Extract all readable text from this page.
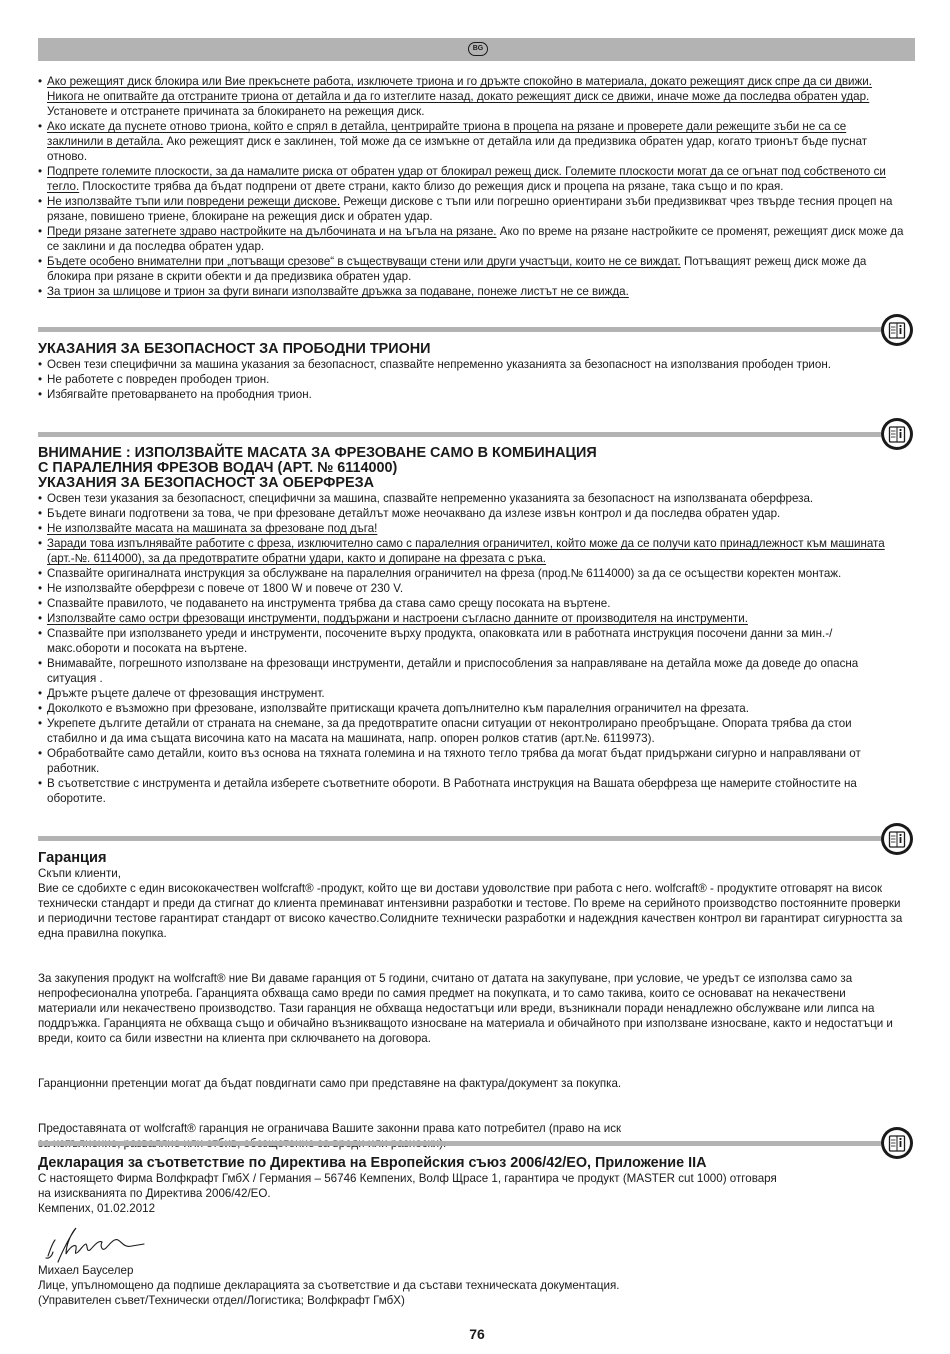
BG
• Ако режещият диск блокира или Вие прекъснете работа, изключете триона и го дръжте спокойно в материала, докато режещият диск спре да си движи. Никога не опитвайте да отстраните триона от детайла и да го изтеглите назад, докато режещият диск се движи, иначе може да последва обратен удар. Установете и отстранете причината за блокирането на режещия диск.
• Ако искате да пуснете отново триона, който е спрял в детайла, центрирайте триона в процепа на рязане и проверете дали режещите зъби не са се заклинили в детайла. Ако режещият диск е заклинен, той може да се измъкне от детайла или да предизвика обратен удар, когато трионът бъде пуснат отново.
• Подпрете големите плоскости, за да намалите риска от обратен удар от блокирал режещ диск. Големите плоскости могат да се огънат под собственото си тегло. Плоскостите трябва да бъдат подпрени от двете страни, както близо до режещия диск и процепа на рязане, така също и по края.
• Не използвайте тъпи или повредени режещи дискове. Режещи дискове с тъпи или погрешно ориентирани зъби предизвикват чрез твърде тесния процеп на рязане, повишено триене, блокиране на режещия диск и обратен удар.
• Преди рязане затегнете здраво настройките на дълбочината и на ъгъла на рязане. Ако по време на рязане настройките се променят, режещият диск може да се заклини и да последва обратен удар.
• Бъдете особено внимателни при „потъващи срезове“ в съществуващи стени или други участъци, които не се виждат. Потъващият режещ диск може да блокира при рязане в скрити обекти и да предизвика обратен удар.
• За трион за шлицове и трион за фуги винаги използвайте дръжка за подаване, понеже листът не се вижда.
УКАЗАНИЯ ЗА БЕЗОПАСНОСТ ЗА ПРОБОДНИ ТРИОНИ
• Освен тези специфични за машина указания за безопасност, спазвайте непременно указанията за безопасност на използвания прободен трион.
• Не работете с повреден прободен трион.
• Избягвайте претоварването на прободния трион.
ВНИМАНИЕ : ИЗПОЛЗВАЙТЕ МАСАТА ЗА ФРЕЗОВАНЕ САМО В КОМБИНАЦИЯ
С ПАРАЛЕЛНИЯ ФРЕЗОВ ВОДАЧ (АРТ. № 6114000)
УКАЗАНИЯ ЗА БЕЗОПАСНОСТ ЗА ОБЕРФРЕЗА
• Освен тези указания за безопасност, специфични за машина, спазвайте непременно указанията за безопасност на използваната оберфреза.
• Бъдете винаги подготвени за това, че при фрезоване детайлът може неочаквано да излезе извън контрол и да последва обратен удар.
• Не използвайте масата на машината за фрезоване под дъга!
• Заради това изпълнявайте работите с фреза, изключително само с паралелния ограничител, който може да се получи като принадлежност към машината (арт.-№. 6114000), за да предотвратите обратни удари, както и допиране на фрезата с ръка.
• Спазвайте оригиналната инструкция за обслужване на паралелния ограничител на фреза (прод.№ 6114000) за да се осъществи коректен монтаж.
• Не използвайте оберфрези с повече от 1800 W и повече от 230 V.
• Спазвайте правилото, че подаването на инструмента трябва да става само срещу посоката на въртене.
• Използвайте само остри фрезоващи инструменти, поддържани и настроени съгласно данните от производителя на инструменти.
• Спазвайте при използването уреди и инструменти, посочените върху продукта, опаковката или в работната инструкция посочени данни за мин.-/макс.оборoти и посоката на въртене.
• Внимавайте, погрешното използване на фрезоващи инструменти, детайли и приспособления за направляване на детайла може да доведе до опасна ситуация .
• Дръжте ръцете далече от фрезоващия инструмент.
• Доколкото е възможно при фрезоване, използвайте притискащи крачета допълнително към паралелния ограничител на фрезата.
• Укрепете дългите детайли от страната на снемане, за да предотвратите опасни ситуации от неконтролирано преобръщане. Опората трябва да стои стабилно и да има същата височина като на масата на машината, напр. опорен ролков статив (арт.№. 6119973).
• Обработвайте само детайли, които въз основа на тяхната големина и на тяхното тегло трябва да могат бъдат придържани сигурно и направлявани от работник.
• В съответствие с инструмента и детайла изберете съответните обороти. В Работната инструкция на Вашата оберфреза ще намерите стойностите на оборотите.
Гаранция
Скъпи клиенти,
Вие се сдобихте с един висококачествен wolfcraft® -продукт, който ще ви достави удоволствие при работа с него. wolfcraft® - продуктите отговарят на висок технически стандарт и преди да стигнат до клиента преминават интензивни разработки и тестове. По време на серийното производство постоянните проверки и периодични тестове гарантират стандарт от високо качество.Солидните технически разработки и надеждния качествен контрол ви гарантират сигурността за една правилна покупка.
За закупения продукт на wolfcraft® ние Ви даваме гаранция от 5 години, считано от датата на закупуване, при условие, че уредът се използва само за непрофесионална употреба. Гаранцията обхваща само вреди по самия предмет на покупката, и то само такива, които се основават на некачествени материали или некачествено производство. Тази гаранция не обхваща недостатъци или вреди, възникнали поради ненадлежно обслужване или липса на поддръжка. Гаранцията не обхваща също и обичайно възникващото износване на материала и обичайното при използване износване, както и недостатъци и вреди, които са били известни на клиента при сключването на договора.
Гаранционни претенции могат да бъдат повдигнати само при представяне на фактура/документ за покупка.
Предоставяната от wolfcraft® гаранция не ограничава Вашите законни права като потребител (право на иск
Декларация за съответствие по Директива на Европейския съюз 2006/42/EO, Приложение IIA
С настоящето Фирма Волфкрафт ГмбХ / Германия – 56746 Кемпених, Волф Щрасе 1, гарантира че продукт (MASTER cut 1000) отговаря
на изискванията по Директива 2006/42/EO.
Кемпених, 01.02.2012
Михаел Бауселер
Лице, упълномощено да подпише декларацията за съответствие и да състави техническата документация.
(Управителен съвет/Технически отдел/Логистика; Волфкрафт ГмбХ)
76
